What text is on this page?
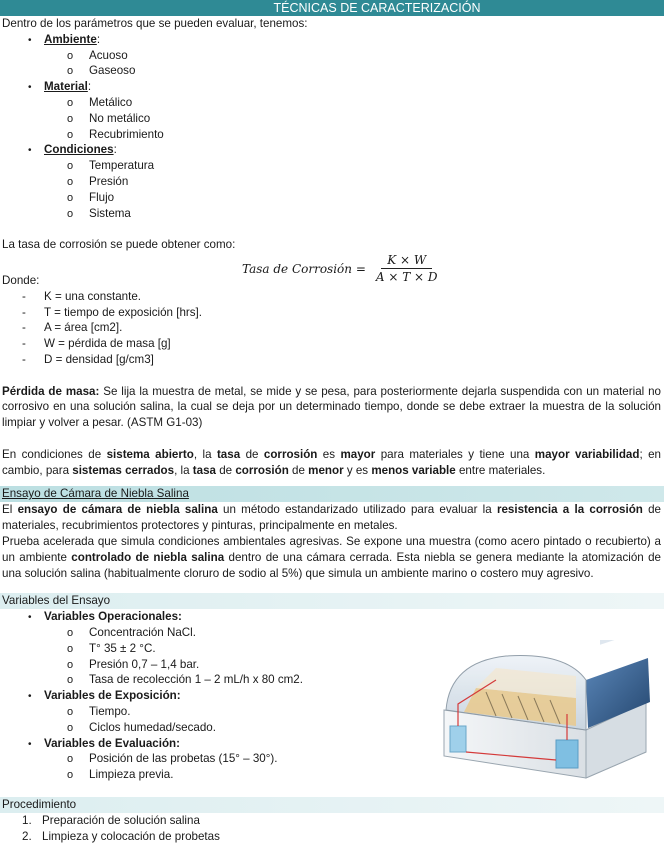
TÉCNICAS DE CARACTERIZACIÓN
Dentro de los parámetros que se pueden evaluar, tenemos:
• Ambiente:
o Acuoso
o Gaseoso
• Material:
o Metálico
o No metálico
o Recubrimiento
• Condiciones:
o Temperatura
o Presión
o Flujo
o Sistema
La tasa de corrosión se puede obtener como:
Tasa de Corrosión = $\frac{K \times W}{A \times T \times D}$
Donde:
- K = una constante.
- T = tiempo de exposición [hrs].
- A = área [cm2].
- W = pérdida de masa [g]
- D = densidad [g/cm3]
Pérdida de masa: Se lija la muestra de metal, se mide y se pesa, para posteriormente dejarla suspendida con un material no corrosivo en una solución salina, la cual se deja por un determinado tiempo, donde se debe extraer la muestra de la solución limpiar y volver a pesar. (ASTM G1-03)
En condiciones de sistema abierto, la tasa de corrosión es mayor para materiales y tiene una mayor variabilidad; en cambio, para sistemas cerrados, la tasa de corrosión de menor y es menos variable entre materiales.
Ensayo de Cámara de Niebla Salina
El ensayo de cámara de niebla salina un método estandarizado utilizado para evaluar la resistencia a la corrosión de materiales, recubrimientos protectores y pinturas, principalmente en metales.
Prueba acelerada que simula condiciones ambientales agresivas. Se expone una muestra (como acero pintado o recubierto) a un ambiente controlado de niebla salina dentro de una cámara cerrada. Esta niebla se genera mediante la atomización de una solución salina (habitualmente cloruro de sodio al 5%) que simula un ambiente marino o costero muy agresivo.
Variables del Ensayo
• Variables Operacionales:
o Concentración NaCl.
o T° 35 ± 2 °C.
o Presión 0,7 – 1,4 bar.
o Tasa de recolección 1 – 2 mL/h x 80 cm2.
• Variables de Exposición:
o Tiempo.
o Ciclos humedad/secado.
• Variables de Evaluación:
o Posición de las probetas (15° – 30°).
o Limpieza previa.
Procedimiento
1. Preparación de solución salina
2. Limpieza y colocación de probetas
